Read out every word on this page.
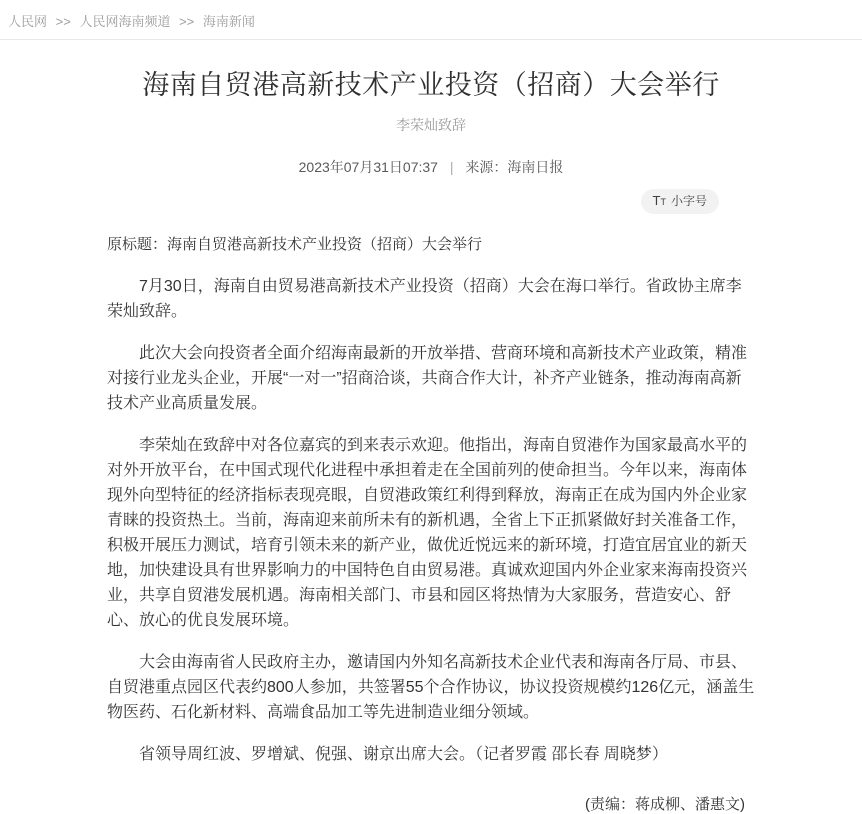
人民网 >> 人民网海南频道 >> 海南新闻
海南自贸港高新技术产业投资（招商）大会举行
李荣灿致辞
2023年07月31日07:37 | 来源：海南日报
TT 小字号

原标题：海南自贸港高新技术产业投资（招商）大会举行

7月30日，海南自由贸易港高新技术产业投资（招商）大会在海口举行。省政协主席李荣灿致辞。

此次大会向投资者全面介绍海南最新的开放举措、营商环境和高新技术产业政策，精准对接行业龙头企业，开展“一对一”招商洽谈，共商合作大计，补齐产业链条，推动海南高新技术产业高质量发展。

李荣灿在致辞中对各位嘉宾的到来表示欢迎。他指出，海南自贸港作为国家最高水平的对外开放平台，在中国式现代化进程中承担着走在全国前列的使命担当。今年以来，海南体现外向型特征的经济指标表现亮眼，自贸港政策红利得到释放，海南正在成为国内外企业家青睐的投资热土。当前，海南迎来前所未有的新机遇，全省上下正抓紧做好封关准备工作，积极开展压力测试，培育引领未来的新产业，做优近悦远来的新环境，打造宜居宜业的新天地，加快建设具有世界影响力的中国特色自由贸易港。真诚欢迎国内外企业家来海南投资兴业，共享自贸港发展机遇。海南相关部门、市县和园区将热情为大家服务，营造安心、舒心、放心的优良发展环境。

大会由海南省人民政府主办，邀请国内外知名高新技术企业代表和海南各厅局、市县、自贸港重点园区代表约800人参加，共签署55个合作协议，协议投资规模约126亿元，涵盖生物医药、石化新材料、高端食品加工等先进制造业细分领域。

省领导周红波、罗增斌、倪强、谢京出席大会。（记者罗霞 邵长春 周晓梦）

(责编：蒋成柳、潘惠文)
